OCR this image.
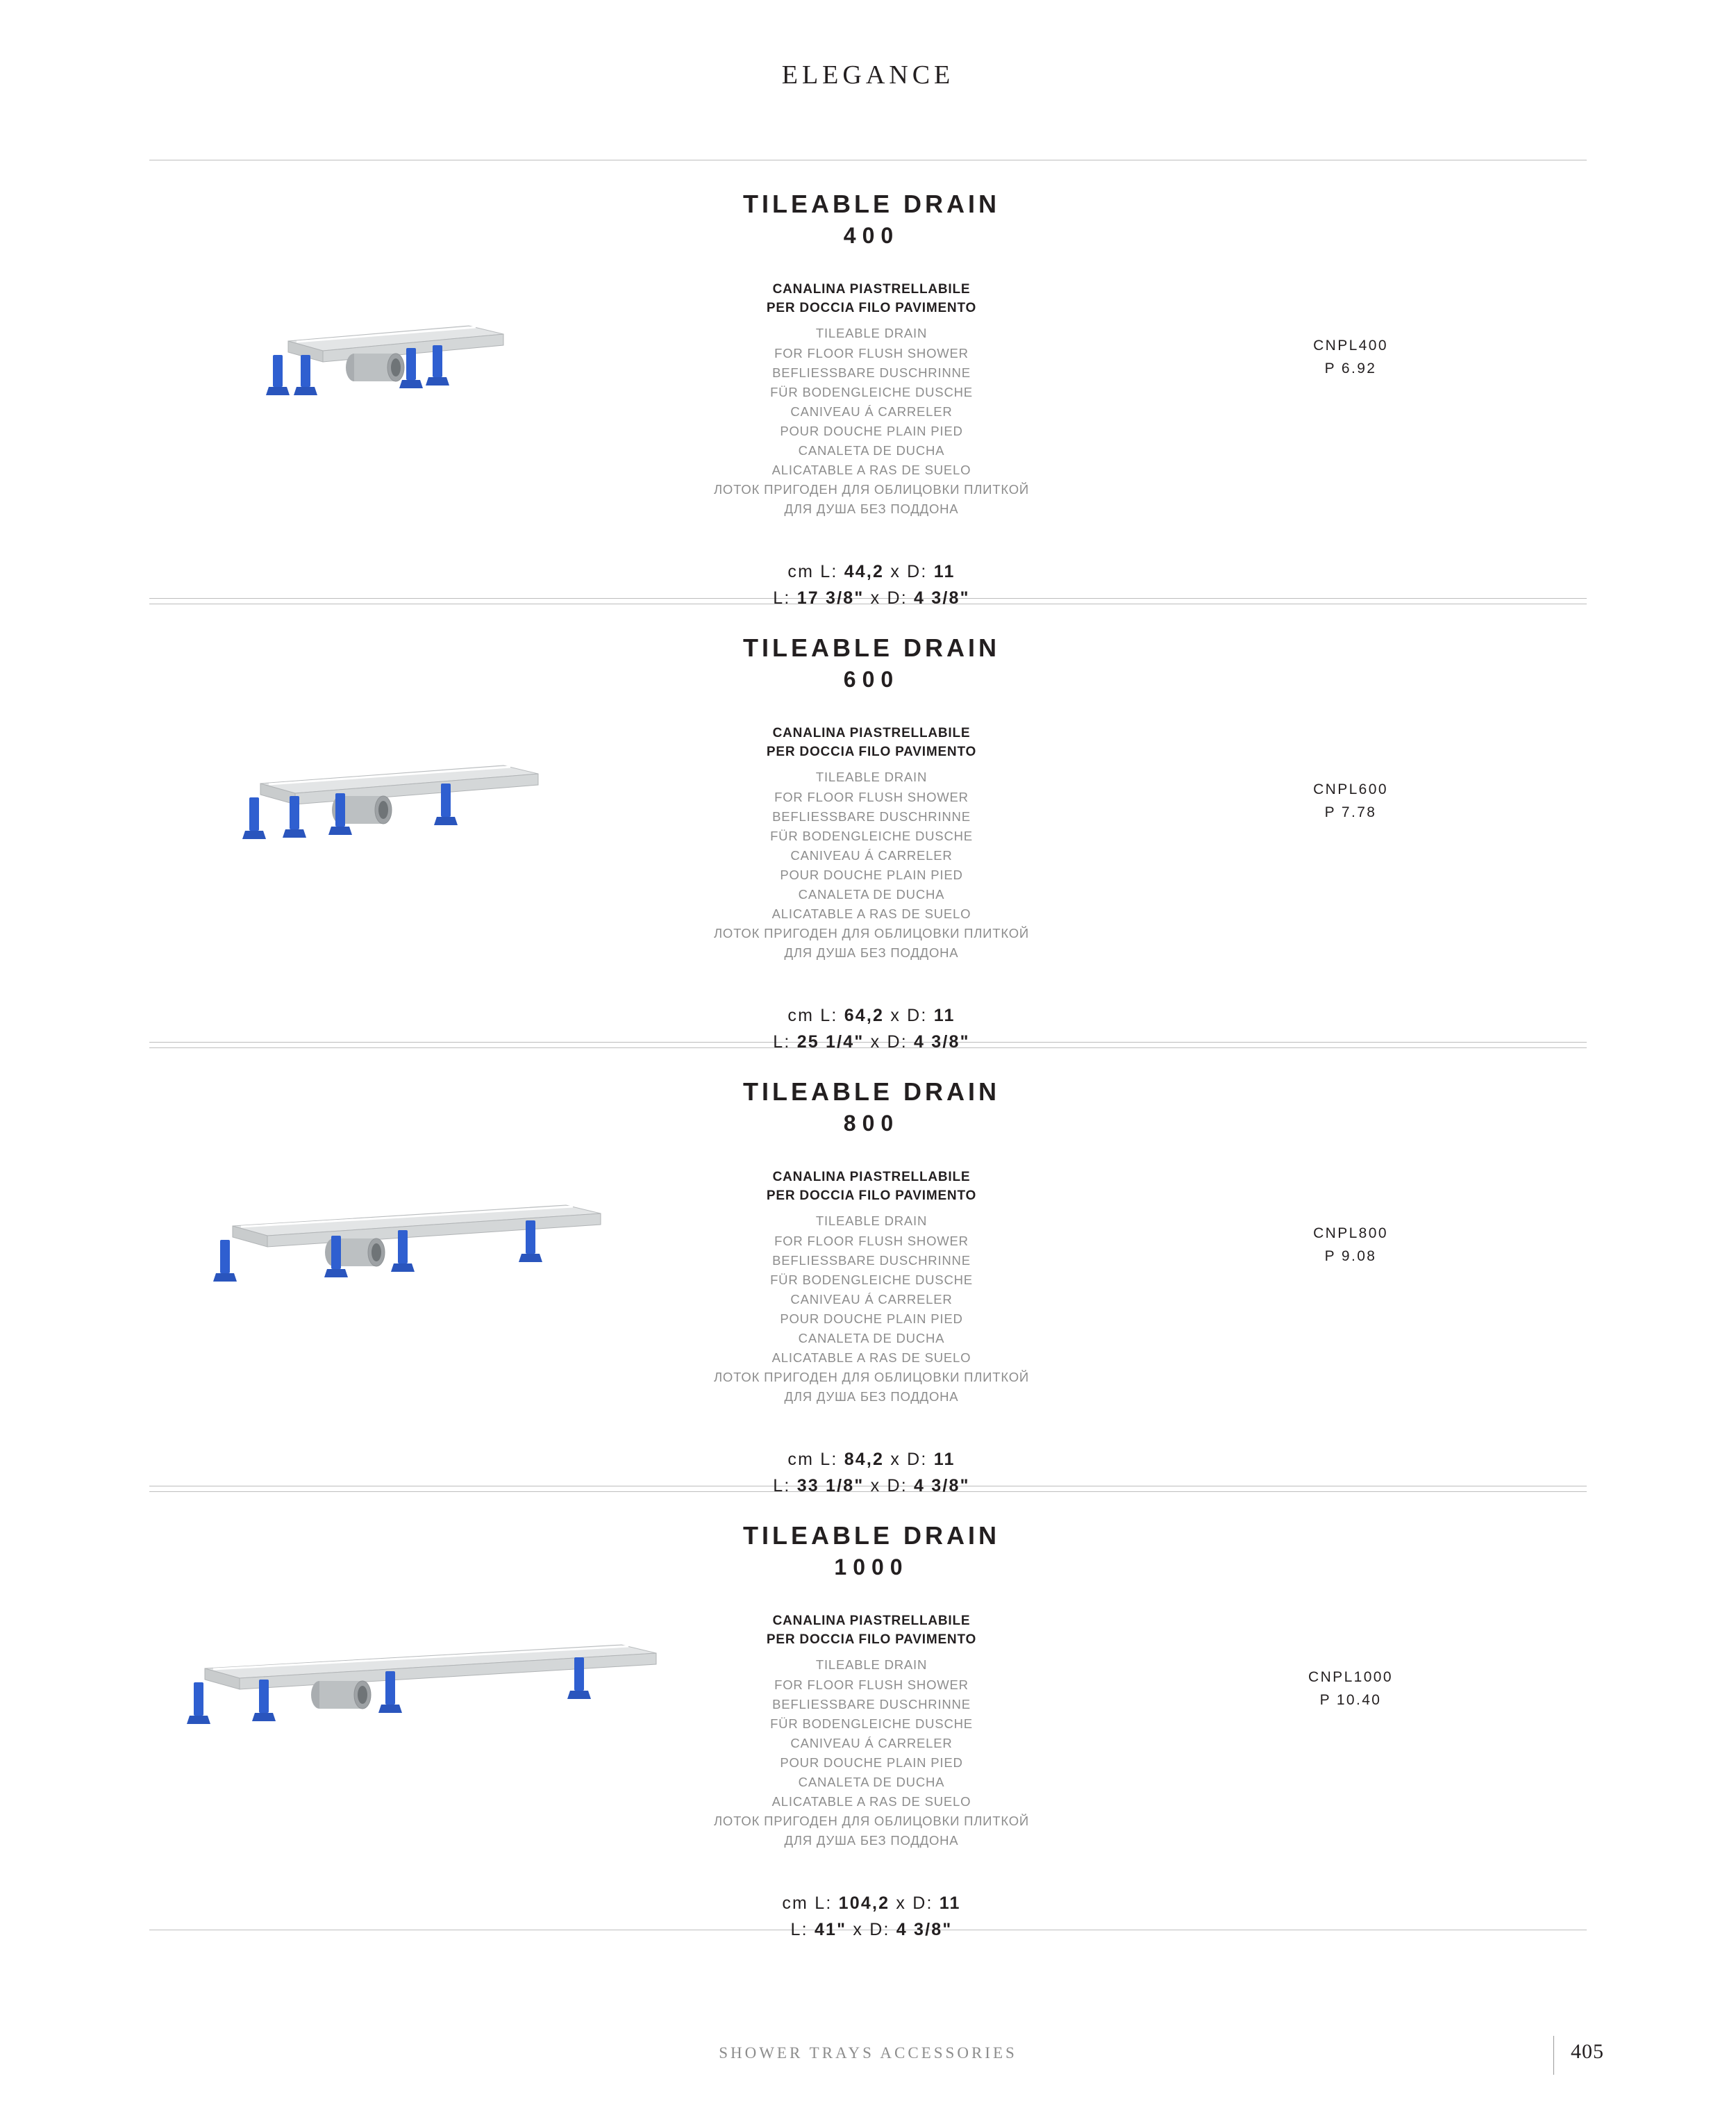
ELEGANCE
TILEABLE DRAIN
400
CANALINA PIASTRELLABILE
PER DOCCIA FILO PAVIMENTO
TILEABLE DRAIN
FOR FLOOR FLUSH SHOWER
BEFLIESSBARE DUSCHRINNE
FÜR BODENGLEICHE DUSCHE
CANIVEAU Á CARRELER
POUR DOUCHE PLAIN PIED
CANALETA DE DUCHA
ALICATABLE A RAS DE SUELO
ЛОТОК ПРИГОДЕН ДЛЯ ОБЛИЦОВКИ ПЛИТКОЙ
ДЛЯ ДУША БЕЗ ПОДДОНА
cm L: 44,2 x D: 11
L: 17 3/8" x D: 4 3/8"
CNPL400
P 6.92
TILEABLE DRAIN
600
CANALINA PIASTRELLABILE
PER DOCCIA FILO PAVIMENTO
TILEABLE DRAIN
FOR FLOOR FLUSH SHOWER
BEFLIESSBARE DUSCHRINNE
FÜR BODENGLEICHE DUSCHE
CANIVEAU Á CARRELER
POUR DOUCHE PLAIN PIED
CANALETA DE DUCHA
ALICATABLE A RAS DE SUELO
ЛОТОК ПРИГОДЕН ДЛЯ ОБЛИЦОВКИ ПЛИТКОЙ
ДЛЯ ДУША БЕЗ ПОДДОНА
cm L: 64,2 x D: 11
L: 25 1/4" x D: 4 3/8"
CNPL600
P 7.78
TILEABLE DRAIN
800
CANALINA PIASTRELLABILE
PER DOCCIA FILO PAVIMENTO
TILEABLE DRAIN
FOR FLOOR FLUSH SHOWER
BEFLIESSBARE DUSCHRINNE
FÜR BODENGLEICHE DUSCHE
CANIVEAU Á CARRELER
POUR DOUCHE PLAIN PIED
CANALETA DE DUCHA
ALICATABLE A RAS DE SUELO
ЛОТОК ПРИГОДЕН ДЛЯ ОБЛИЦОВКИ ПЛИТКОЙ
ДЛЯ ДУША БЕЗ ПОДДОНА
cm L: 84,2 x D: 11
L: 33 1/8" x D: 4 3/8"
CNPL800
P 9.08
TILEABLE DRAIN
1000
CANALINA PIASTRELLABILE
PER DOCCIA FILO PAVIMENTO
TILEABLE DRAIN
FOR FLOOR FLUSH SHOWER
BEFLIESSBARE DUSCHRINNE
FÜR BODENGLEICHE DUSCHE
CANIVEAU Á CARRELER
POUR DOUCHE PLAIN PIED
CANALETA DE DUCHA
ALICATABLE A RAS DE SUELO
ЛОТОК ПРИГОДЕН ДЛЯ ОБЛИЦОВКИ ПЛИТКОЙ
ДЛЯ ДУША БЕЗ ПОДДОНА
cm L: 104,2 x D: 11
L: 41" x D: 4 3/8"
CNPL1000
P 10.40
SHOWER TRAYS ACCESSORIES	405
